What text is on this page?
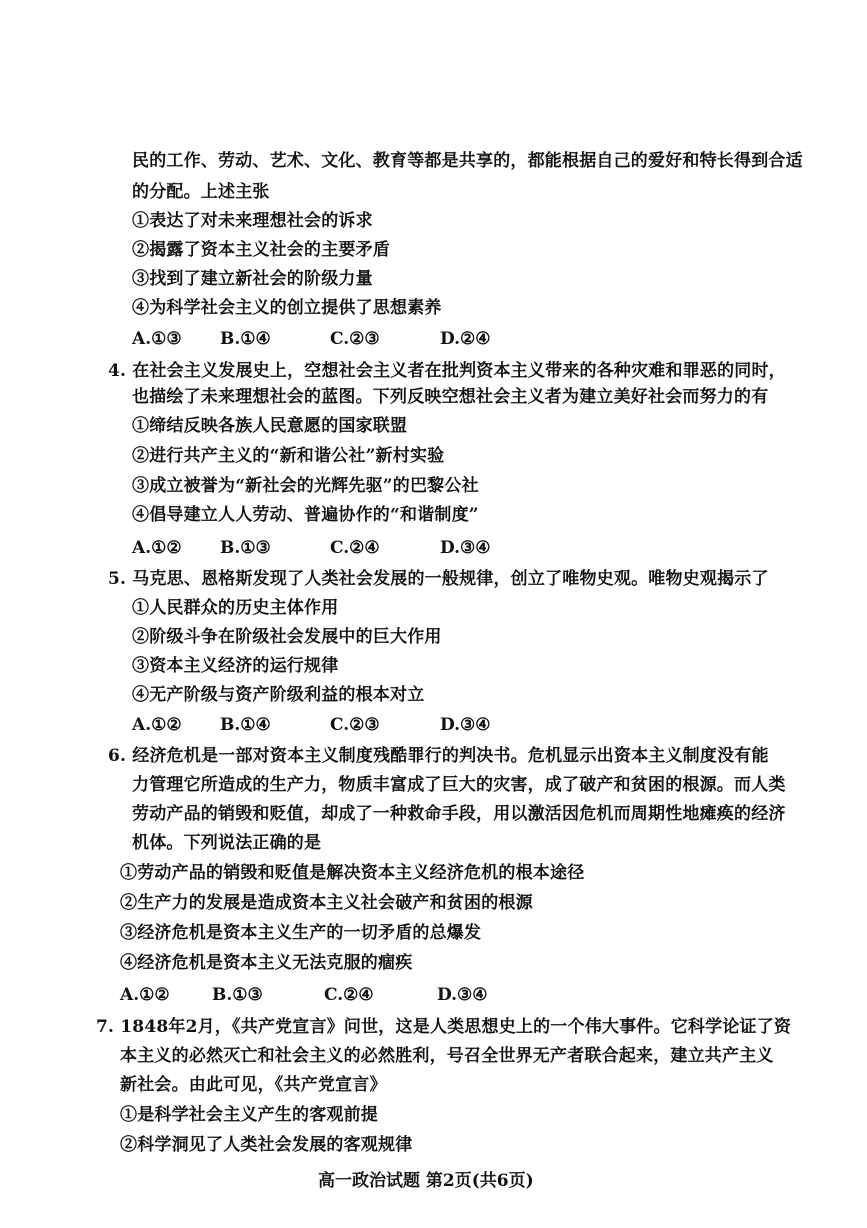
民的工作、劳动、艺术、文化、教育等都是共享的，都能根据自己的爱好和特长得到合适
的分配。上述主张
①表达了对未来理想社会的诉求
②揭露了资本主义社会的主要矛盾
③找到了建立新社会的阶级力量
④为科学社会主义的创立提供了思想素养
A.①③ B.①④	C.②③	D.②④
4. 在社会主义发展史上，空想社会主义者在批判资本主义带来的各种灾难和罪恶的同时，
也描绘了未来理想社会的蓝图。下列反映空想社会主义者为建立美好社会而努力的有
①缔结反映各族人民意愿的国家联盟
②进行共产主义的“新和谐公社”新村实验
③成立被誉为“新社会的光辉先驱”的巴黎公社
④倡导建立人人劳动、普遍协作的“和谐制度”
A.①② B.①③	C.②④	D.③④
5. 马克思、恩格斯发现了人类社会发展的一般规律，创立了唯物史观。唯物史观揭示了
①人民群众的历史主体作用
②阶级斗争在阶级社会发展中的巨大作用
③资本主义经济的运行规律
④无产阶级与资产阶级利益的根本对立
A.①② B.①④	C.②③	D.③④
6. 经济危机是一部对资本主义制度残酷罪行的判决书。危机显示出资本主义制度没有能
力管理它所造成的生产力，物质丰富成了巨大的灾害，成了破产和贫困的根源。而人类
劳动产品的销毁和贬值，却成了一种救命手段，用以激活因危机而周期性地瘫痪的经济
机体。下列说法正确的是
①劳动产品的销毁和贬值是解决资本主义经济危机的根本途径
②生产力的发展是造成资本主义社会破产和贫困的根源
③经济危机是资本主义生产的一切矛盾的总爆发
④经济危机是资本主义无法克服的痼疾
A.①② B.①③	C.②④	D.③④
7. 1848年2月，《共产党宣言》问世，这是人类思想史上的一个伟大事件。它科学论证了资
本主义的必然灭亡和社会主义的必然胜利，号召全世界无产者联合起来，建立共产主义
新社会。由此可见，《共产党宣言》
①是科学社会主义产生的客观前提
②科学洞见了人类社会发展的客观规律
高一政治试题 第2页(共6页)
